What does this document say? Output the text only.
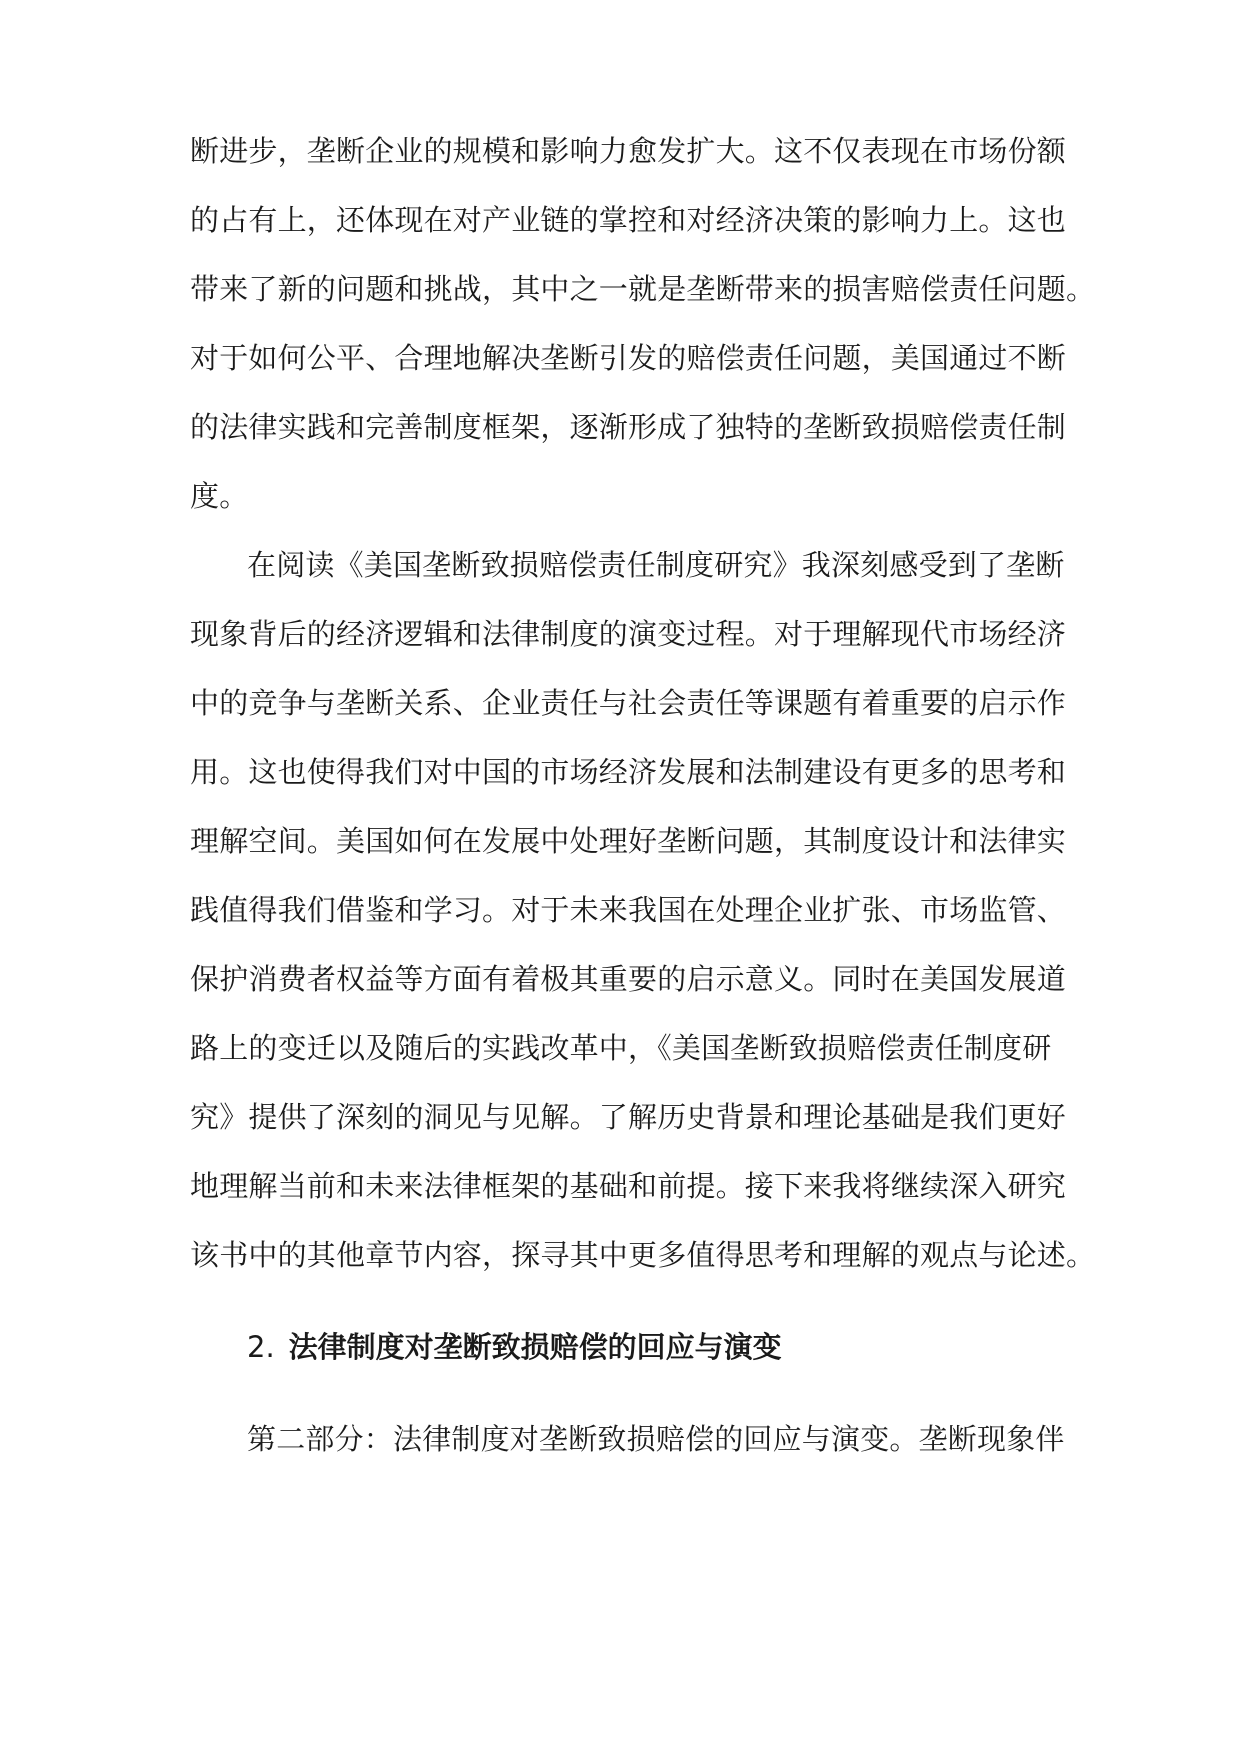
断进步，垄断企业的规模和影响力愈发扩大。这不仅表现在市场份额
的占有上，还体现在对产业链的掌控和对经济决策的影响力上。这也
带来了新的问题和挑战，其中之一就是垄断带来的损害赔偿责任问题。
对于如何公平、合理地解决垄断引发的赔偿责任问题，美国通过不断
的法律实践和完善制度框架，逐渐形成了独特的垄断致损赔偿责任制
度。
在阅读《美国垄断致损赔偿责任制度研究》我深刻感受到了垄断
现象背后的经济逻辑和法律制度的演变过程。对于理解现代市场经济
中的竞争与垄断关系、企业责任与社会责任等课题有着重要的启示作
用。这也使得我们对中国的市场经济发展和法制建设有更多的思考和
理解空间。美国如何在发展中处理好垄断问题，其制度设计和法律实
践值得我们借鉴和学习。对于未来我国在处理企业扩张、市场监管、
保护消费者权益等方面有着极其重要的启示意义。同时在美国发展道
路上的变迁以及随后的实践改革中，《美国垄断致损赔偿责任制度研
究》提供了深刻的洞见与见解。了解历史背景和理论基础是我们更好
地理解当前和未来法律框架的基础和前提。接下来我将继续深入研究
该书中的其他章节内容，探寻其中更多值得思考和理解的观点与论述。
2. 法律制度对垄断致损赔偿的回应与演变
第二部分：法律制度对垄断致损赔偿的回应与演变。垄断现象伴
